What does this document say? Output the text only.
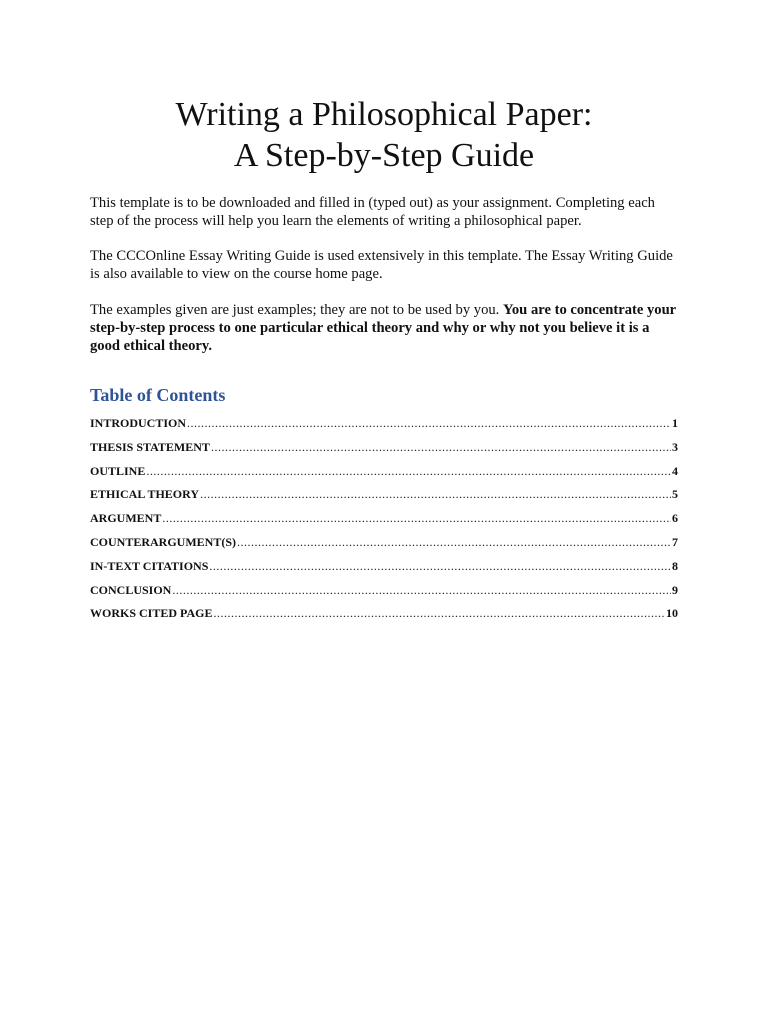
Writing a Philosophical Paper:
A Step-by-Step Guide

This template is to be downloaded and filled in (typed out) as your assignment. Completing each step of the process will help you learn the elements of writing a philosophical paper.

The CCCOnline Essay Writing Guide is used extensively in this template. The Essay Writing Guide is also available to view on the course home page.

The examples given are just examples; they are not to be used by you. You are to concentrate your step-by-step process to one particular ethical theory and why or why not you believe it is a good ethical theory.

Table of Contents
INTRODUCTION .....	1
THESIS STATEMENT .....	3
OUTLINE .....	4
ETHICAL THEORY .....	5
ARGUMENT .....	6
COUNTERARGUMENT(S) .....	7
IN-TEXT CITATIONS .....	8
CONCLUSION .....	9
WORKS CITED PAGE .....	10
